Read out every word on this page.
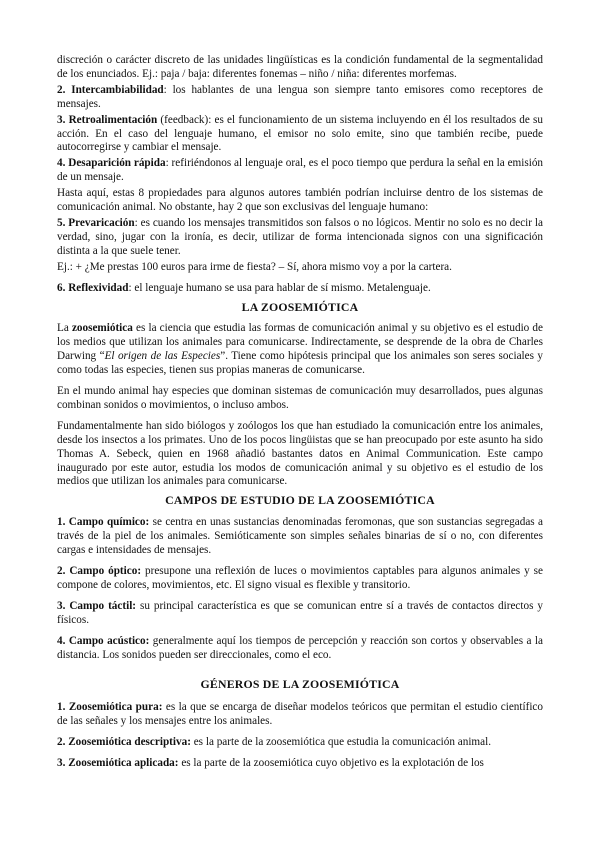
discreción o carácter discreto de las unidades lingüísticas es la condición fundamental de la segmentalidad de los enunciados. Ej.: paja / baja: diferentes fonemas – niño / niña: diferentes morfemas.

2. Intercambiabilidad: los hablantes de una lengua son siempre tanto emisores como receptores de mensajes.

3. Retroalimentación (feedback): es el funcionamiento de un sistema incluyendo en él los resultados de su acción. En el caso del lenguaje humano, el emisor no solo emite, sino que también recibe, puede autocorregirse y cambiar el mensaje.

4. Desaparición rápida: refiriéndonos al lenguaje oral, es el poco tiempo que perdura la señal en la emisión de un mensaje.

Hasta aquí, estas 8 propiedades para algunos autores también podrían incluirse dentro de los sistemas de comunicación animal. No obstante, hay 2 que son exclusivas del lenguaje humano:

5. Prevaricación: es cuando los mensajes transmitidos son falsos o no lógicos. Mentir no solo es no decir la verdad, sino, jugar con la ironía, es decir, utilizar de forma intencionada signos con una significación distinta a la que suele tener.

Ej.: + ¿Me prestas 100 euros para irme de fiesta? – Sí, ahora mismo voy a por la cartera.

6. Reflexividad: el lenguaje humano se usa para hablar de sí mismo. Metalenguaje.

LA ZOOSEMIÓTICA

La zoosemiótica es la ciencia que estudia las formas de comunicación animal y su objetivo es el estudio de los medios que utilizan los animales para comunicarse. Indirectamente, se desprende de la obra de Charles Darwing “El origen de las Especies”. Tiene como hipótesis principal que los animales son seres sociales y como todas las especies, tienen sus propias maneras de comunicarse.

En el mundo animal hay especies que dominan sistemas de comunicación muy desarrollados, pues algunas combinan sonidos o movimientos, o incluso ambos.

Fundamentalmente han sido biólogos y zoólogos los que han estudiado la comunicación entre los animales, desde los insectos a los primates. Uno de los pocos lingüistas que se han preocupado por este asunto ha sido Thomas A. Sebeck, quien en 1968 añadió bastantes datos en Animal Communication. Este campo inaugurado por este autor, estudia los modos de comunicación animal y su objetivo es el estudio de los medios que utilizan los animales para comunicarse.

CAMPOS DE ESTUDIO DE LA ZOOSEMIÓTICA

1. Campo químico: se centra en unas sustancias denominadas feromonas, que son sustancias segregadas a través de la piel de los animales. Semióticamente son simples señales binarias de sí o no, con diferentes cargas e intensidades de mensajes.

2. Campo óptico: presupone una reflexión de luces o movimientos captables para algunos animales y se compone de colores, movimientos, etc. El signo visual es flexible y transitorio.

3. Campo táctil: su principal característica es que se comunican entre sí a través de contactos directos y físicos.

4. Campo acústico: generalmente aquí los tiempos de percepción y reacción son cortos y observables a la distancia. Los sonidos pueden ser direccionales, como el eco.

GÉNEROS DE LA ZOOSEMIÓTICA

1. Zoosemiótica pura: es la que se encarga de diseñar modelos teóricos que permitan el estudio científico de las señales y los mensajes entre los animales.

2. Zoosemiótica descriptiva: es la parte de la zoosemiótica que estudia la comunicación animal.

3. Zoosemiótica aplicada: es la parte de la zoosemiótica cuyo objetivo es la explotación de los
